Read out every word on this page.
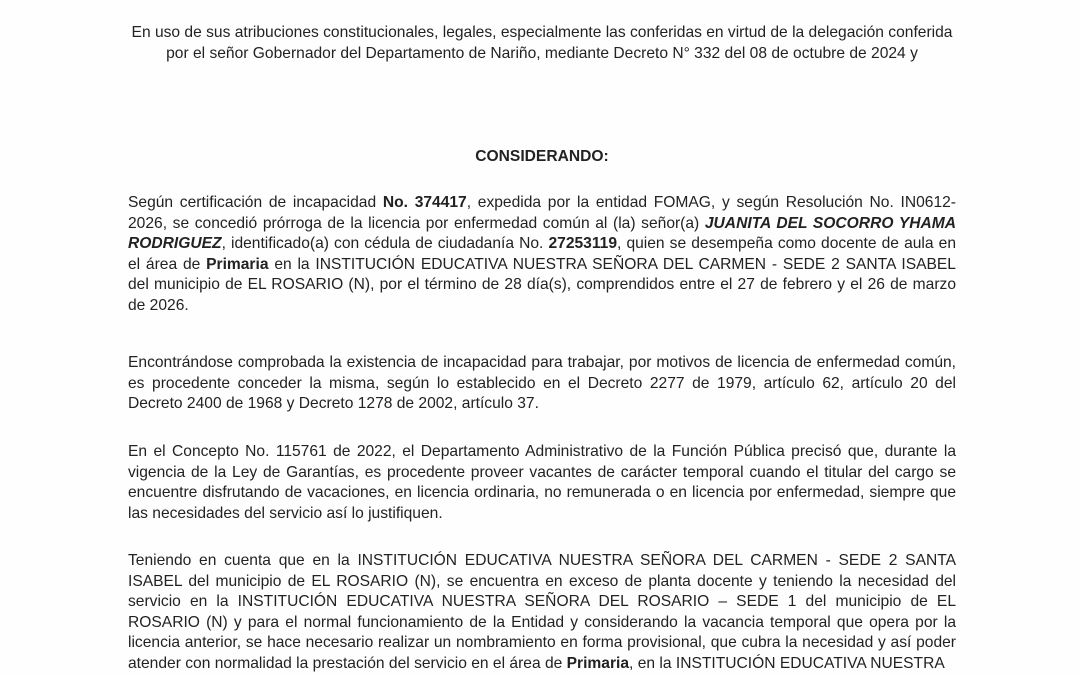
En uso de sus atribuciones constitucionales, legales, especialmente las conferidas en virtud de la delegación conferida por el señor Gobernador del Departamento de Nariño, mediante Decreto N° 332 del 08 de octubre de 2024 y

CONSIDERANDO:

Según certificación de incapacidad No. 374417, expedida por la entidad FOMAG, y según Resolución No. IN0612-2026, se concedió prórroga de la licencia por enfermedad común al (la) señor(a) JUANITA DEL SOCORRO YHAMA RODRIGUEZ, identificado(a) con cédula de ciudadanía No. 27253119, quien se desempeña como docente de aula en el área de Primaria en la INSTITUCIÓN EDUCATIVA NUESTRA SEÑORA DEL CARMEN - SEDE 2 SANTA ISABEL del municipio de EL ROSARIO (N), por el término de 28 día(s), comprendidos entre el 27 de febrero y el 26 de marzo de 2026.

Encontrándose comprobada la existencia de incapacidad para trabajar, por motivos de licencia de enfermedad común, es procedente conceder la misma, según lo establecido en el Decreto 2277 de 1979, artículo 62, artículo 20 del Decreto 2400 de 1968 y Decreto 1278 de 2002, artículo 37.

En el Concepto No. 115761 de 2022, el Departamento Administrativo de la Función Pública precisó que, durante la vigencia de la Ley de Garantías, es procedente proveer vacantes de carácter temporal cuando el titular del cargo se encuentre disfrutando de vacaciones, en licencia ordinaria, no remunerada o en licencia por enfermedad, siempre que las necesidades del servicio así lo justifiquen.

Teniendo en cuenta que en la INSTITUCIÓN EDUCATIVA NUESTRA SEÑORA DEL CARMEN - SEDE 2 SANTA ISABEL del municipio de EL ROSARIO (N), se encuentra en exceso de planta docente y teniendo la necesidad del servicio en la INSTITUCIÓN EDUCATIVA NUESTRA SEÑORA DEL ROSARIO – SEDE 1 del municipio de EL ROSARIO (N) y para el normal funcionamiento de la Entidad y considerando la vacancia temporal que opera por la licencia anterior, se hace necesario realizar un nombramiento en forma provisional, que cubra la necesidad y así poder atender con normalidad la prestación del servicio en el área de Primaria, en la INSTITUCIÓN EDUCATIVA NUESTRA
